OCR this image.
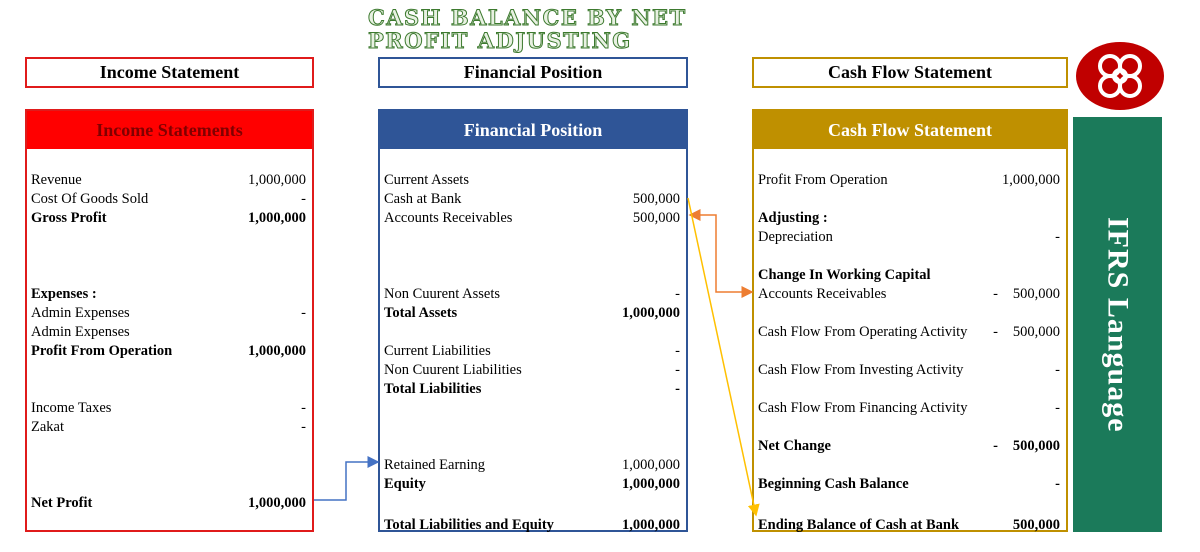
CASH BALANCE BY NET
PROFIT ADJUSTING
Income Statement	Financial Position	Cash Flow Statement
Income Statements
Revenue	1,000,000
Cost Of Goods Sold	-
Gross Profit	1,000,000
Expenses :
Admin Expenses	-
Admin Expenses
Profit From Operation	1,000,000
Income Taxes	-
Zakat	-
Net Profit	1,000,000
Financial Position
Current Assets
Cash at Bank	500,000
Accounts Receivables	500,000
Non Cuurent Assets	-
Total Assets	1,000,000
Current Liabilities	-
Non Cuurent Liabilities	-
Total Liabilities	-
Retained Earning	1,000,000
Equity	1,000,000
Total Liabilities and Equity	1,000,000
Cash Flow Statement
Profit From Operation	1,000,000
Adjusting :
Depreciation	-
Change In Working Capital
Accounts Receivables	- 500,000
Cash Flow From Operating Activity - 500,000
Cash Flow From Investing Activity	-
Cash Flow From Financing Activity	-
Net Change	- 500,000
Beginning Cash Balance	-
Ending Balance of Cash at Bank	500,000
IFRS Language
